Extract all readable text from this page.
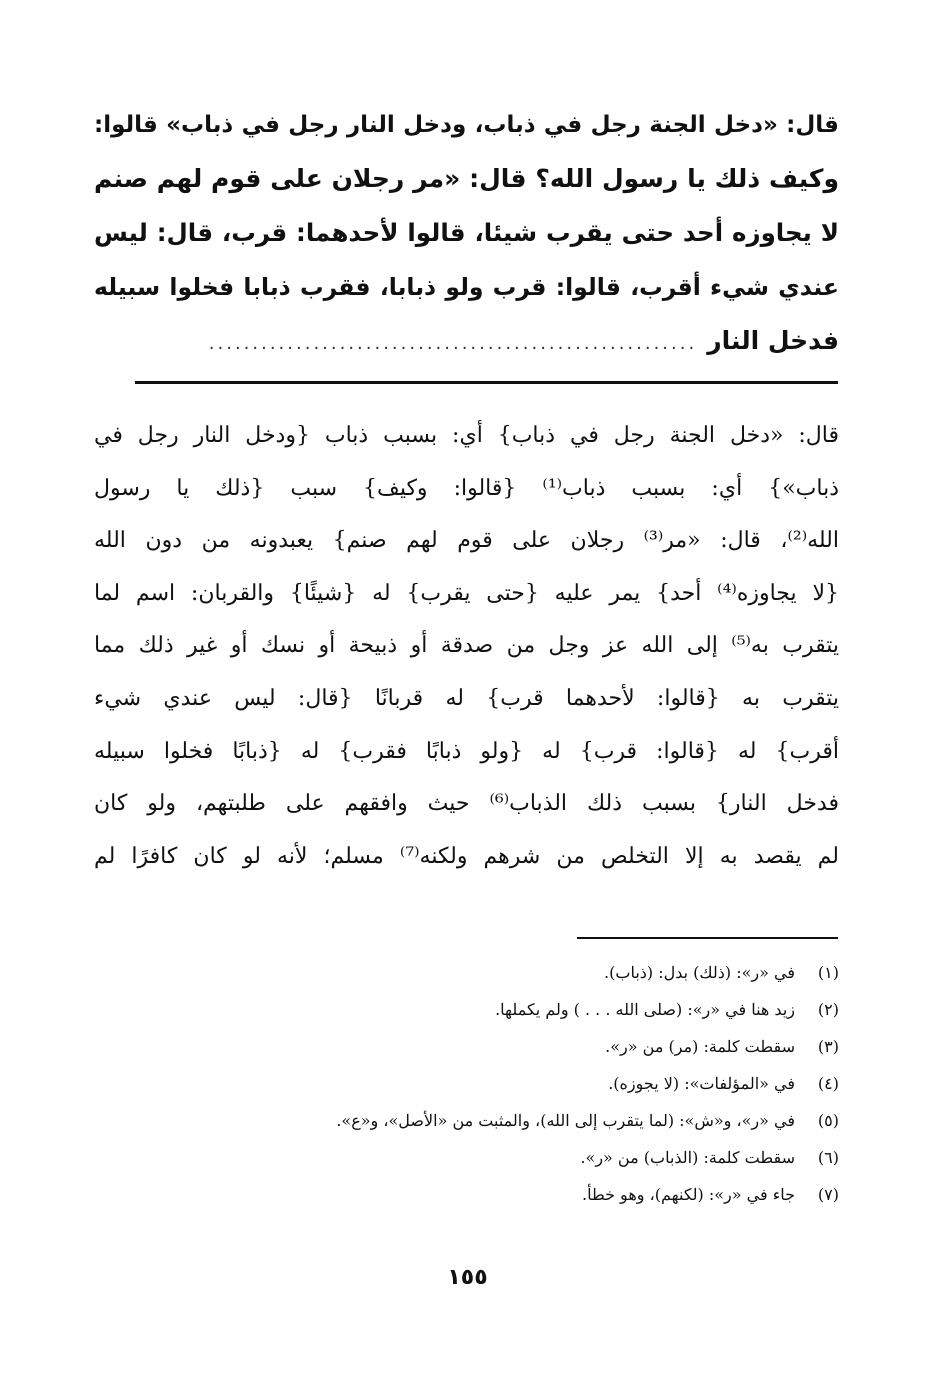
قال: «دخل الجنة رجل في ذباب، ودخل النار رجل في ذباب» قالوا:
وكيف ذلك يا رسول الله؟ قال: «مر رجلان على قوم لهم صنم
لا يجاوزه أحد حتى يقرب شيئا، قالوا لأحدهما: قرب، قال: ليس
عندي شيء أقرب، قالوا: قرب ولو ذبابا، فقرب ذبابا فخلوا سبيله
فدخل النار........................................................
قال: «دخل الجنة رجل في ذباب} أي: بسبب ذباب {ودخل النار رجل في
ذباب»} أي: بسبب ذباب⁽¹⁾ {قالوا: وكيف} سبب {ذلك يا رسول
الله⁽²⁾، قال: «مر⁽³⁾ رجلان على قوم لهم صنم} يعبدونه من دون الله
{لا يجاوزه⁽⁴⁾ أحد} يمر عليه {حتى يقرب} له {شيئًا} والقربان: اسم لما
يتقرب به⁽⁵⁾ إلى الله عز وجل من صدقة أو ذبيحة أو نسك أو غير ذلك مما
يتقرب به {قالوا: لأحدهما قرب} له قربانًا {قال: ليس عندي شيء
أقرب} له {قالوا: قرب} له {ولو ذبابًا فقرب} له {ذبابًا فخلوا سبيله
فدخل النار} بسبب ذلك الذباب⁽⁶⁾ حيث وافقهم على طلبتهم، ولو كان
لم يقصد به إلا التخلص من شرهم ولكنه⁽⁷⁾ مسلم؛ لأنه لو كان كافرًا لم
(١)في «ر»: (ذلك) بدل: (ذباب).
(٢)زيد هنا في «ر»: (صلى الله . . . ) ولم يكملها.
(٣)سقطت كلمة: (مر) من «ر».
(٤)في «المؤلفات»: (لا يجوزه).
(٥)في «ر»، و«ش»: (لما يتقرب إلى الله)، والمثبت من «الأصل»، و«ع».
(٦)سقطت كلمة: (الذباب) من «ر».
(٧)جاء في «ر»: (لكنهم)، وهو خطأ.
١٥٥
